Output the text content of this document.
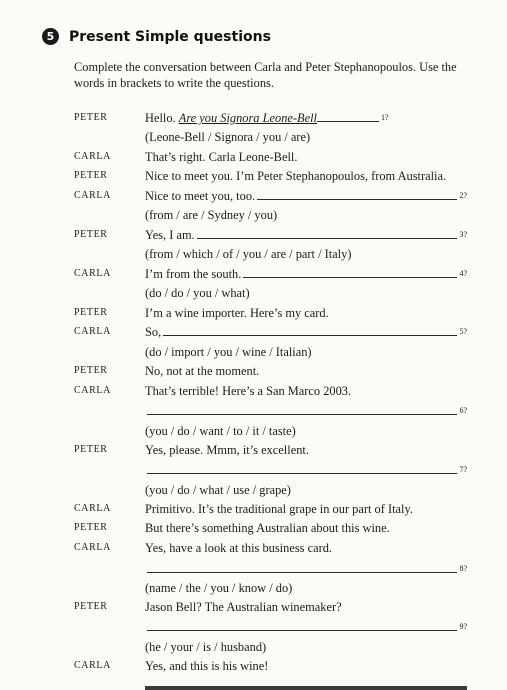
5	Present Simple questions
Complete the conversation between Carla and Peter Stephanopoulos. Use the words in brackets to write the questions.
PETER	Hello.
Are you Signora Leone-Bell	1?
(Leone-Bell / Signora / you / are)
CARLA	That’s right. Carla Leone-Bell.
PETER	Nice to meet you. I’m Peter Stephanopoulos, from Australia.
CARLA	Nice to meet you, too.	2?
(from / are / Sydney / you)
PETER	Yes, I am.	3?
(from / which / of / you / are / part / Italy)
CARLA	I’m from the south.	4?
(do / do / you / what)
PETER	I’m a wine importer. Here’s my card.
CARLA	So,	5?
(do / import / you / wine / Italian)
PETER	No, not at the moment.
CARLA	That’s terrible! Here’s a San Marco 2003.
6?
(you / do / want / to / it / taste)
PETER	Yes, please. Mmm, it’s excellent.
7?
(you / do / what / use / grape)
CARLA	Primitivo. It’s the traditional grape in our part of Italy.
PETER	But there’s something Australian about this wine.
CARLA	Yes, have a look at this business card.
8?
(name / the / you / know / do)
PETER	Jason Bell? The Australian winemaker?
9?
(he / your / is / husband)
CARLA	Yes, and this is his wine!
